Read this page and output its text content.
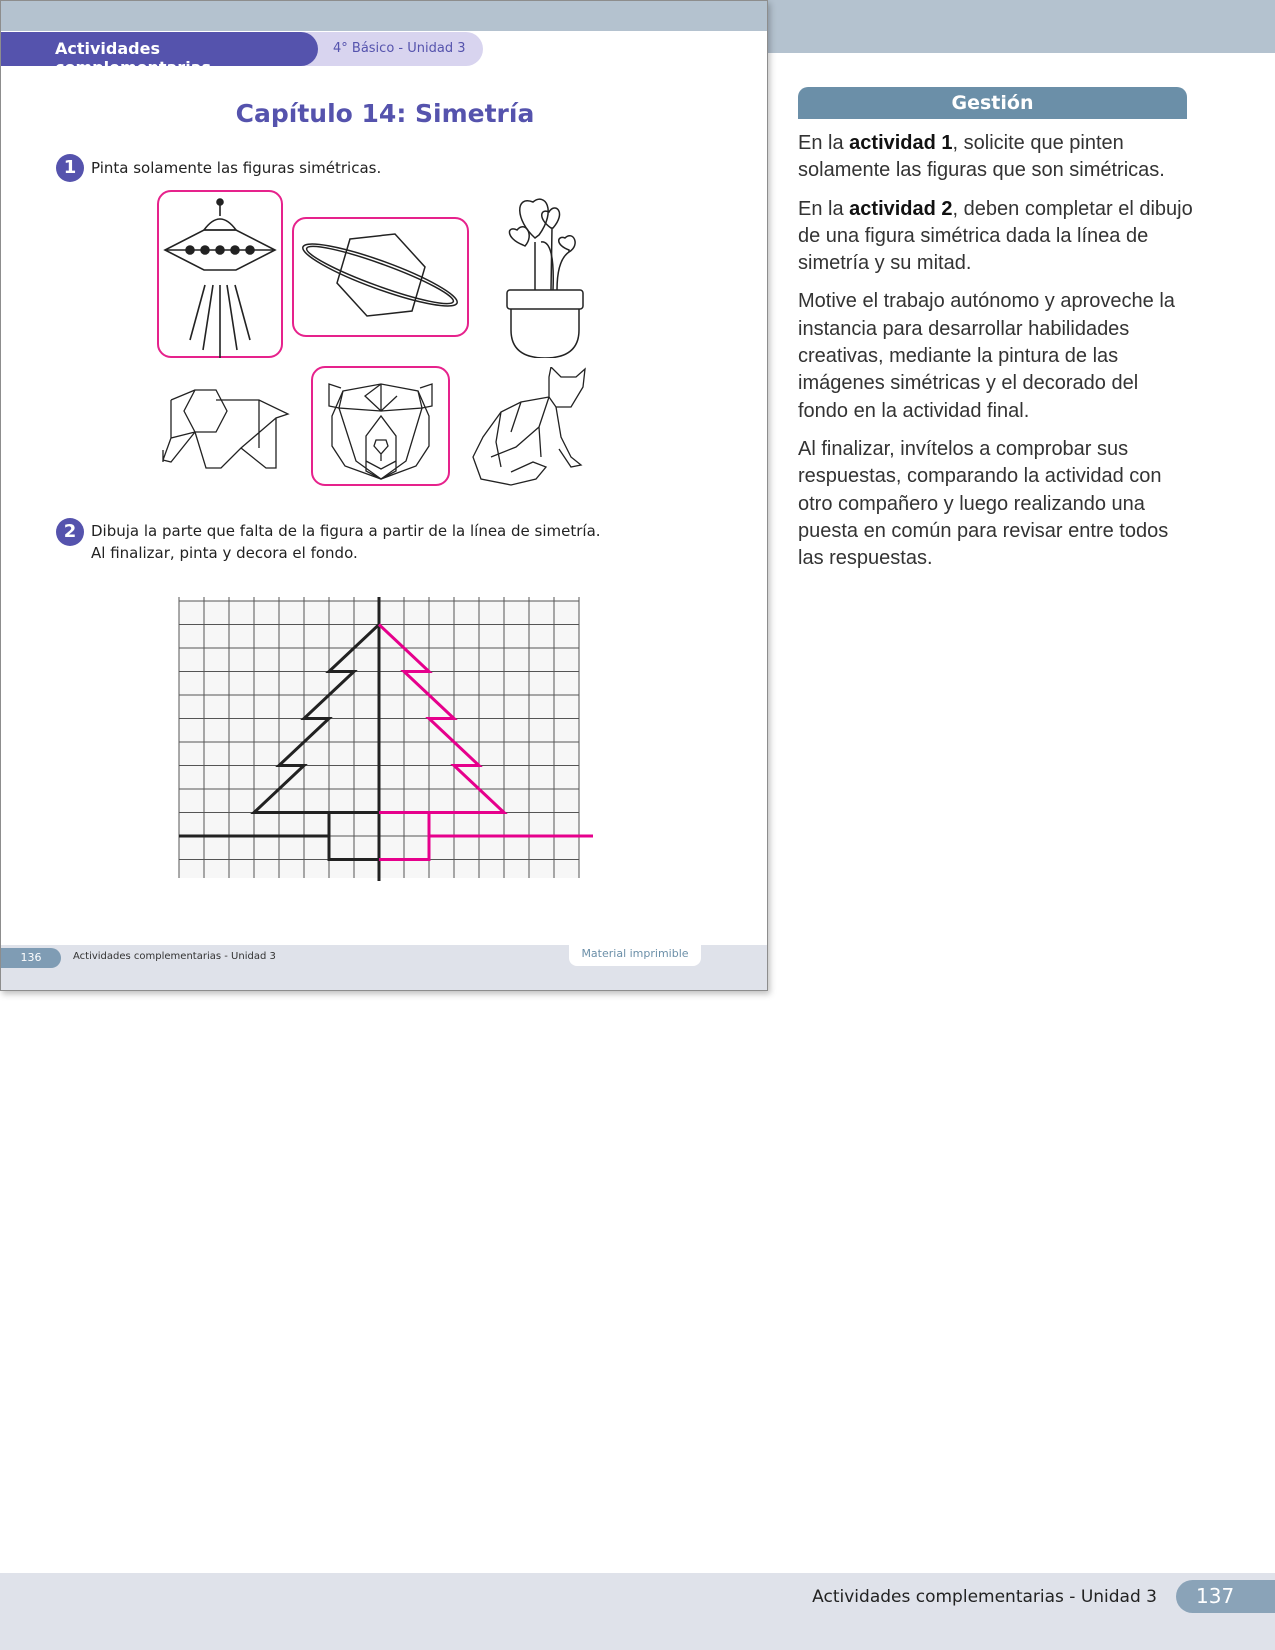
4° Básico - Unidad 3
Actividades complementarias
Capítulo 14: Simetría
1 Pinta solamente las figuras simétricas.
2 Dibuja la parte que falta de la figura a partir de la línea de simetría.
Al finalizar, pinta y decora el fondo.
136	Actividades complementarias - Unidad 3	Material imprimible
Gestión

En la actividad 1, solicite que pinten solamente las figuras que son simétricas.

En la actividad 2, deben completar el dibujo de una figura simétrica dada la línea de simetría y su mitad.

Motive el trabajo autónomo y aproveche la instancia para desarrollar habilidades creativas, mediante la pintura de las imágenes simétricas y el decorado del fondo en la actividad final.

Al finalizar, invítelos a comprobar sus respuestas, comparando la actividad con otro compañero y luego realizando una puesta en común para revisar entre todos las respuestas.

Actividades complementarias - Unidad 3	137
